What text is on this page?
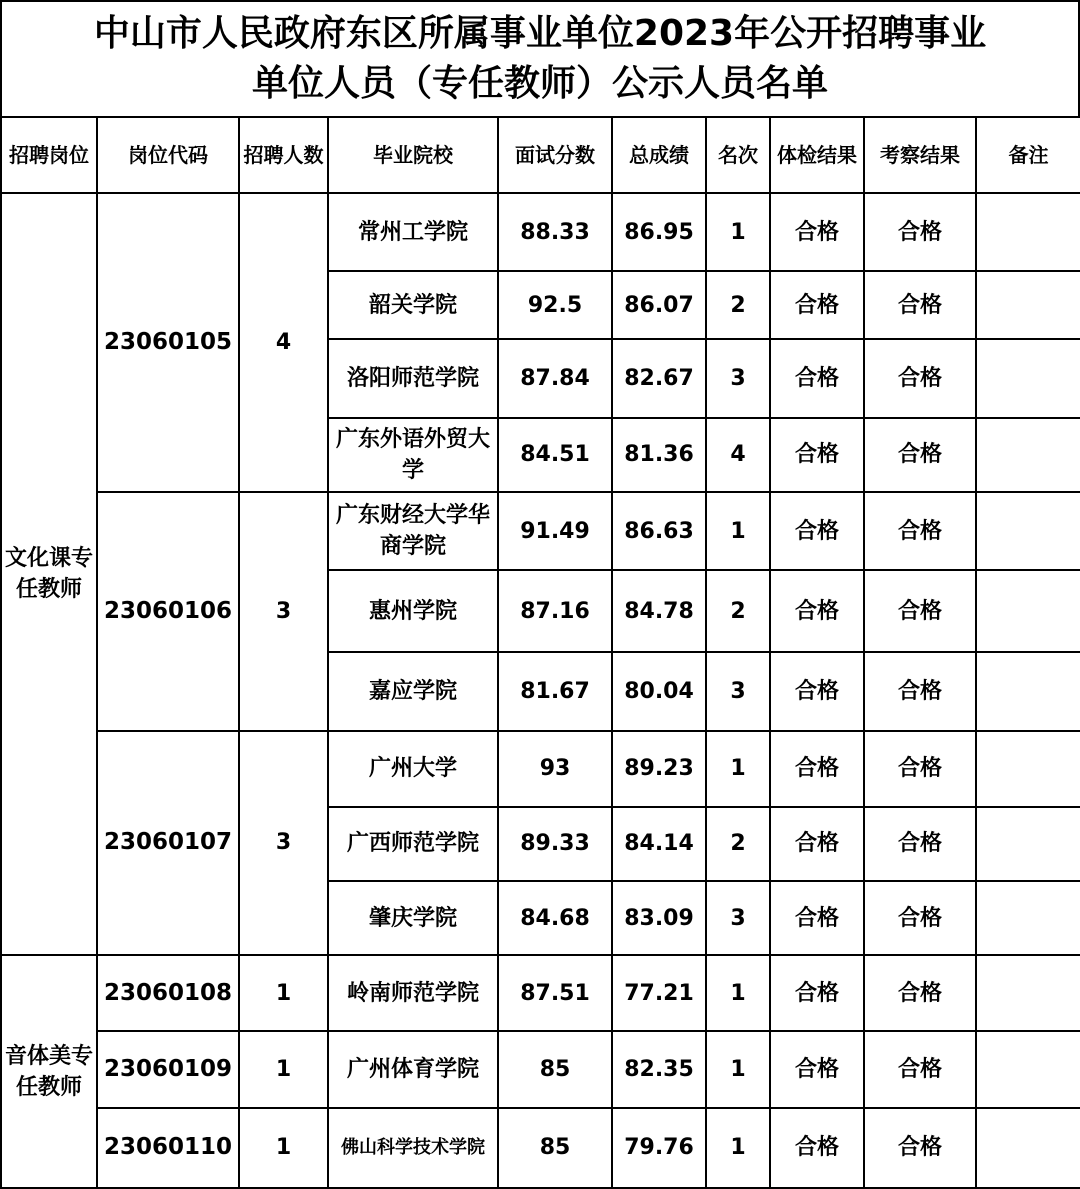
中山市人民政府东区所属事业单位2023年公开招聘事业
单位人员（专任教师）公示人员名单
招聘岗位	岗位代码	招聘人数	毕业院校	面试分数	总成绩	名次	体检结果	考察结果	备注
文化课专任教师	23060105	4	常州工学院	88.33	86.95	1	合格	合格	
			韶关学院	92.5	86.07	2	合格	合格	
			洛阳师范学院	87.84	82.67	3	合格	合格	
			广东外语外贸大学	84.51	81.36	4	合格	合格	
	23060106	3	广东财经大学华商学院	91.49	86.63	1	合格	合格	
			惠州学院	87.16	84.78	2	合格	合格	
			嘉应学院	81.67	80.04	3	合格	合格	
	23060107	3	广州大学	93	89.23	1	合格	合格	
			广西师范学院	89.33	84.14	2	合格	合格	
			肇庆学院	84.68	83.09	3	合格	合格	
音体美专任教师	23060108	1	岭南师范学院	87.51	77.21	1	合格	合格	
	23060109	1	广州体育学院	85	82.35	1	合格	合格	
	23060110	1	佛山科学技术学院	85	79.76	1	合格	合格	
